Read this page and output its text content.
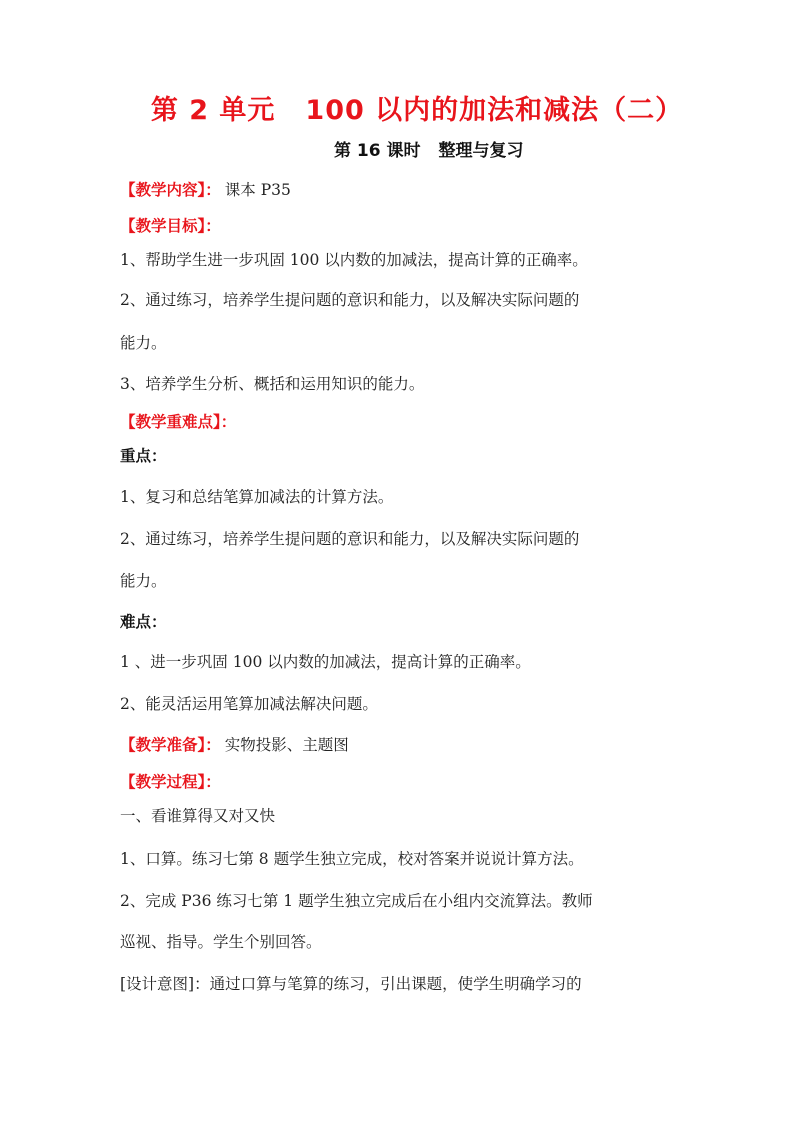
第 2 单元 100 以内的加法和减法（二）
第 16 课时 整理与复习
【教学内容】： 课本 P35
【教学目标】：
1、帮助学生进一步巩固 100 以内数的加减法，提高计算的正确率。
2、通过练习，培养学生提问题的意识和能力，以及解决实际问题的
能力。
3、培养学生分析、概括和运用知识的能力。
【教学重难点】：
重点：
1、复习和总结笔算加减法的计算方法。
2、通过练习，培养学生提问题的意识和能力，以及解决实际问题的
能力。
难点：
1 、进一步巩固 100 以内数的加减法，提高计算的正确率。
2、能灵活运用笔算加减法解决问题。
【教学准备】： 实物投影、主题图
【教学过程】：
一、看谁算得又对又快
1、口算。练习七第 8 题学生独立完成，校对答案并说说计算方法。
2、完成 P36 练习七第 1 题学生独立完成后在小组内交流算法。教师
巡视、指导。学生个别回答。
[设计意图]：通过口算与笔算的练习，引出课题，使学生明确学习的
